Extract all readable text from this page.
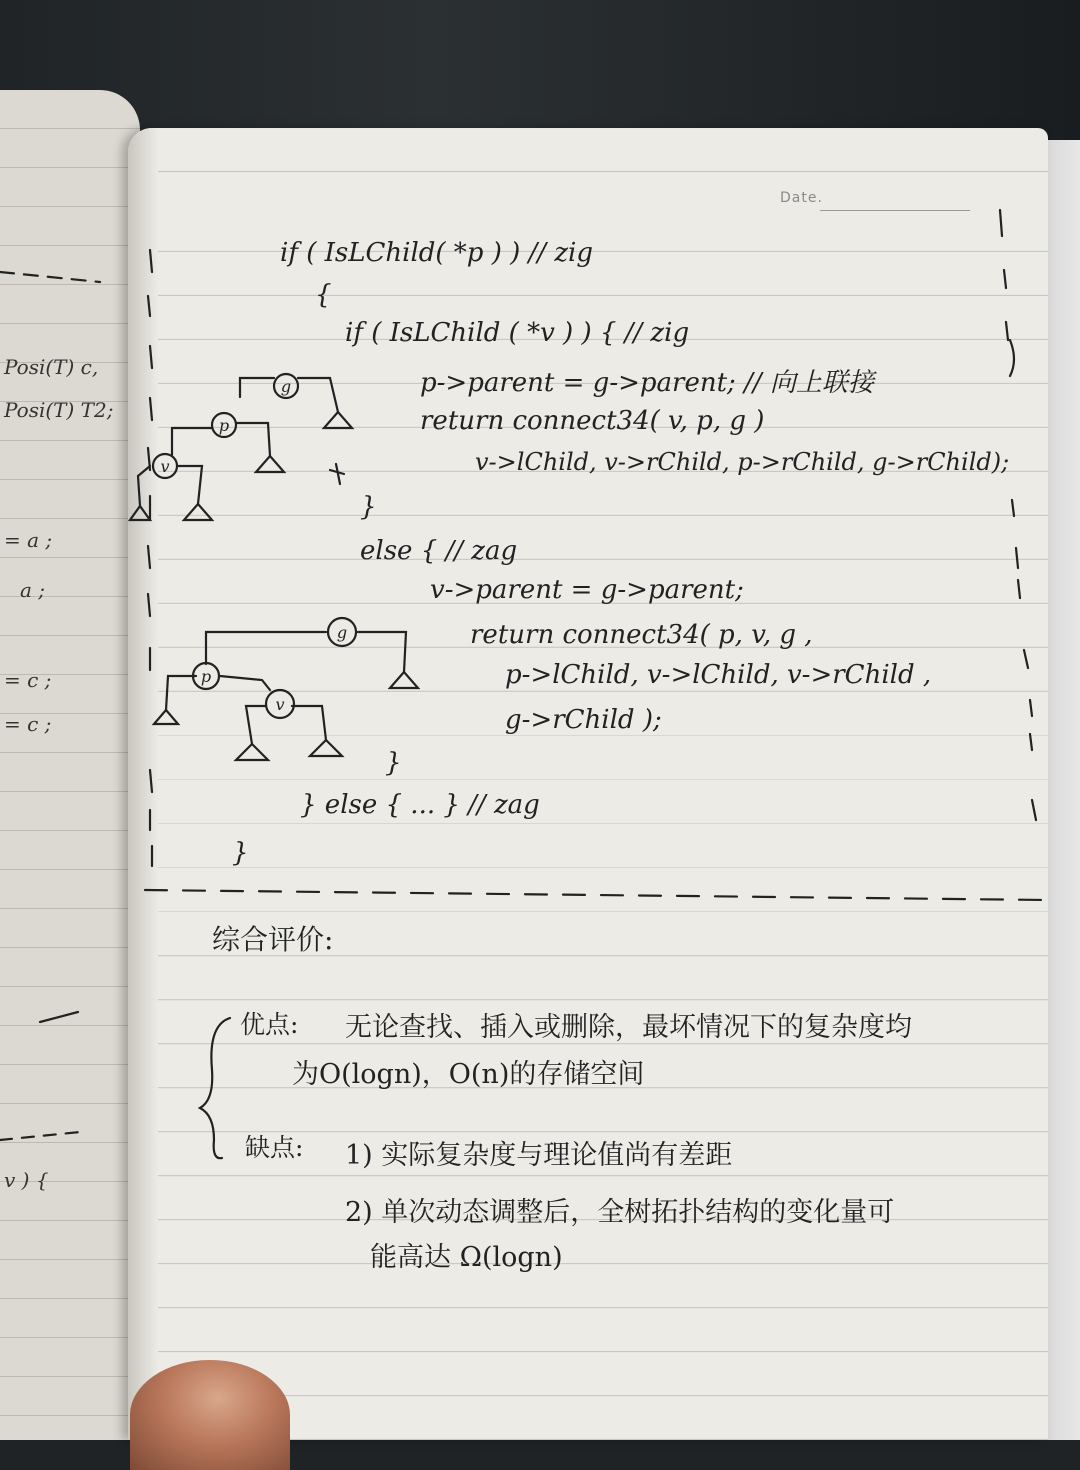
Date.
Posi(T) c,
Posi(T) T2;
= a ;
a ;
= c ;
= c ;
v ) {
if ( IsLChild( *p ) ) // zig
{
if ( IsLChild ( *v ) ) { // zig
p->parent = g->parent; // 向上联接
return connect34( v, p, g )
v->lChild, v->rChild, p->rChild, g->rChild);
}
else { // zag
v->parent = g->parent;
return connect34( p, v, g ,
p->lChild, v->lChild, v->rChild ,
g->rChild );
}
} else { ... } // zag
}
g
p
v
g
p
v
综合评价:
优点: 无论查找、插入或删除，最坏情况下的复杂度均
为O(logn)，O(n)的存储空间
缺点: 1) 实际复杂度与理论值尚有差距
2) 单次动态调整后，全树拓扑结构的变化量可
能高达 Ω(logn)
